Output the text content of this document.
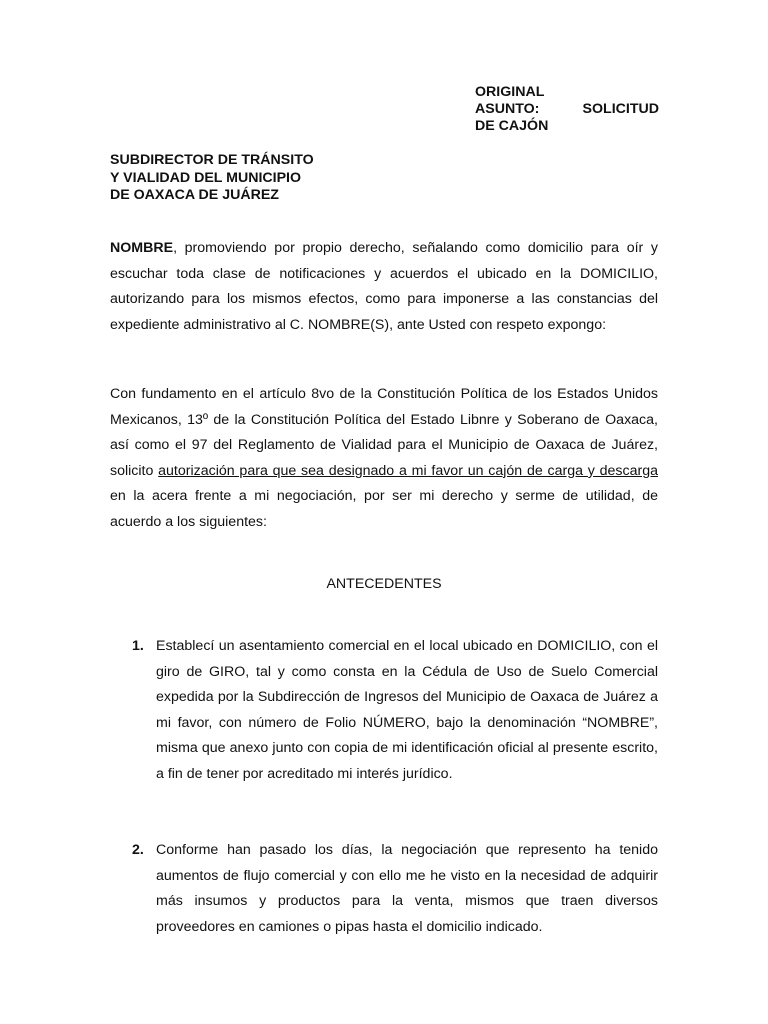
ORIGINAL
ASUNTO:	SOLICITUD
DE CAJÓN
SUBDIRECTOR DE TRÁNSITO
Y VIALIDAD DEL MUNICIPIO
DE OAXACA DE JUÁREZ

NOMBRE, promoviendo por propio derecho, señalando como domicilio para oír y escuchar toda clase de notificaciones y acuerdos el ubicado en la DOMICILIO, autorizando para los mismos efectos, como para imponerse a las constancias del expediente administrativo al C. NOMBRE(S), ante Usted con respeto expongo:

Con fundamento en el artículo 8vo de la Constitución Política de los Estados Unidos Mexicanos, 13º de la Constitución Política del Estado Libnre y Soberano de Oaxaca, así como el 97 del Reglamento de Vialidad para el Municipio de Oaxaca de Juárez, solicito autorización para que sea designado a mi favor un cajón de carga y descarga en la acera frente a mi negociación, por ser mi derecho y serme de utilidad, de acuerdo a los siguientes:

ANTECEDENTES
1. Establecí un asentamiento comercial en el local ubicado en DOMICILIO, con el giro de GIRO, tal y como consta en la Cédula de Uso de Suelo Comercial expedida por la Subdirección de Ingresos del Municipio de Oaxaca de Juárez a mi favor, con número de Folio NÚMERO, bajo la denominación “NOMBRE”, misma que anexo junto con copia de mi identificación oficial al presente escrito, a fin de tener por acreditado mi interés jurídico.

2. Conforme han pasado los días, la negociación que represento ha tenido aumentos de flujo comercial y con ello me he visto en la necesidad de adquirir más insumos y productos para la venta, mismos que traen diversos proveedores en camiones o pipas hasta el domicilio indicado.
